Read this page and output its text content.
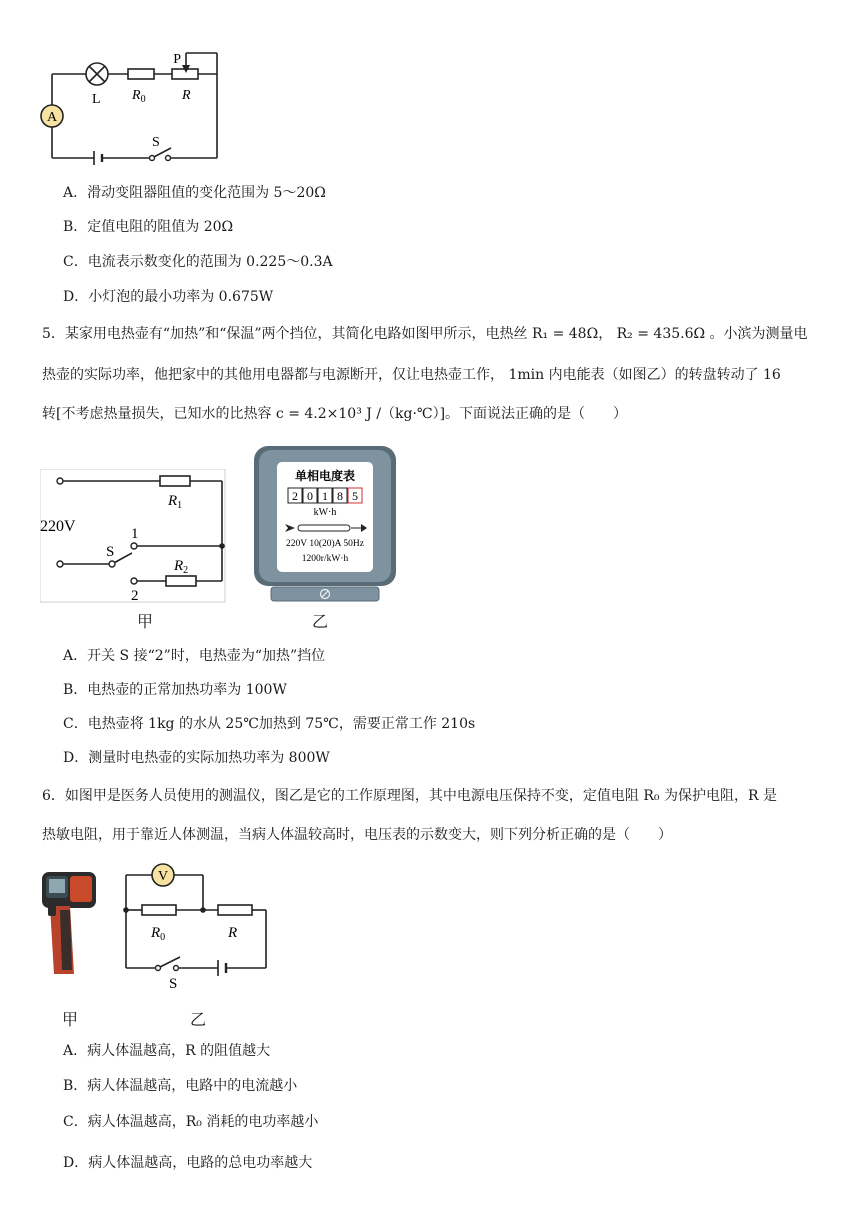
A
P
L $R_0$	R
S
A．滑动变阻器阻值的变化范围为 5～20Ω
B．定值电阻的阻值为 20Ω
C．电流表示数变化的范围为 0.225～0.3A
D．小灯泡的最小功率为 0.675W
5．某家用电热壶有“加热”和“保温”两个挡位，其简化电路如图甲所示，电热丝 R₁ = 48Ω， R₂ = 435.6Ω 。小滨为测量电
热壶的实际功率，他把家中的其他用电器都与电源断开，仅让电热壶工作， 1min 内电能表（如图乙）的转盘转动了 16
转[不考虑热量损失，已知水的比热容 c = 4.2×10³ J /（kg·℃）]。下面说法正确的是（　　）
220V
$R_1$
$R_2$
S
1
2
甲
单相电度表
2 0 1 8 5
kW·h
220V 10(20)A 50Hz
1200r/kW·h
乙
A．开关 S 接“2”时，电热壶为“加热”挡位
B．电热壶的正常加热功率为 100W
C．电热壶将 1kg 的水从 25℃加热到 75℃，需要正常工作 210s
D．测量时电热壶的实际加热功率为 800W
6．如图甲是医务人员使用的测温仪，图乙是它的工作原理图，其中电源电压保持不变，定值电阻 R₀ 为保护电阻，R 是
热敏电阻，用于靠近人体测温，当病人体温较高时，电压表的示数变大，则下列分析正确的是（　　）
甲
V
$R_0$	R
S
乙
A．病人体温越高，R 的阻值越大
B．病人体温越高，电路中的电流越小
C．病人体温越高，R₀ 消耗的电功率越小
D．病人体温越高，电路的总电功率越大
